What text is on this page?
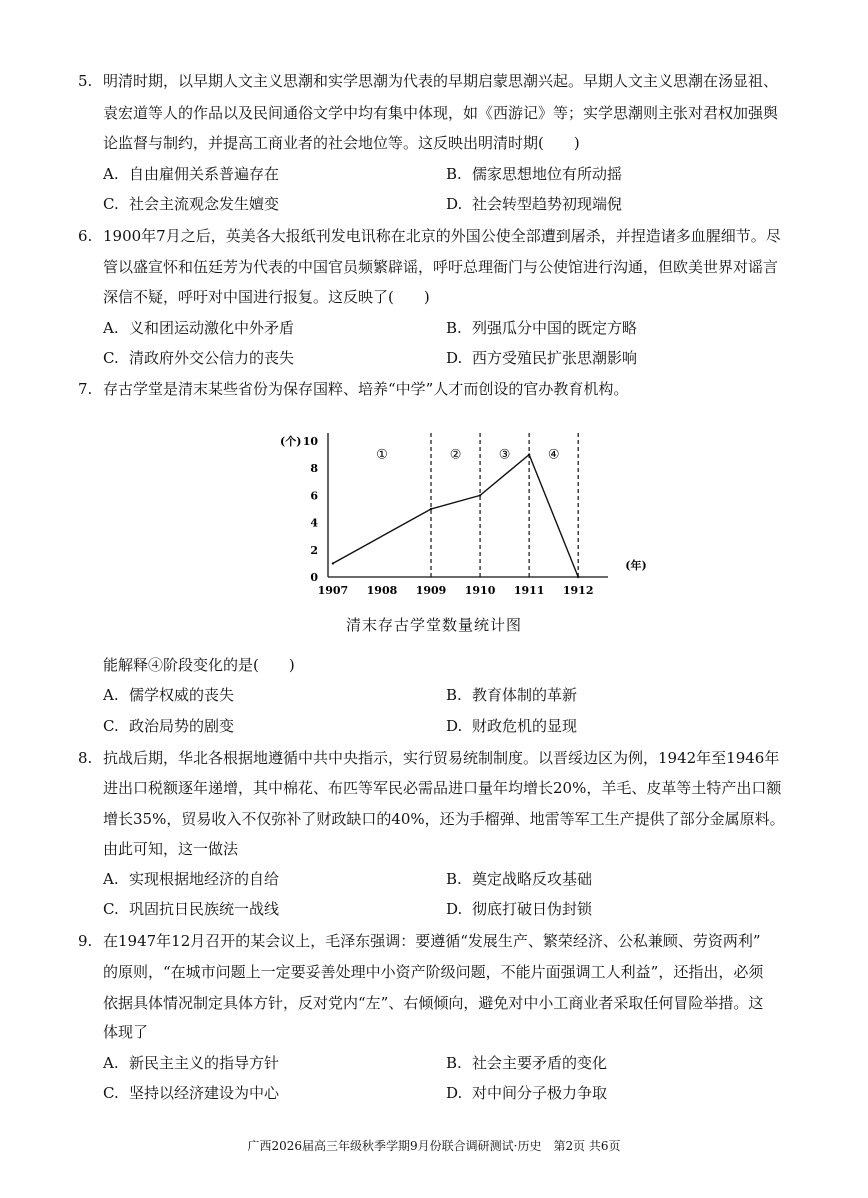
5. 明清时期，以早期人文主义思潮和实学思潮为代表的早期启蒙思潮兴起。早期人文主义思潮在汤显祖、
袁宏道等人的作品以及民间通俗文学中均有集中体现，如《西游记》等；实学思潮则主张对君权加强舆
论监督与制约，并提高工商业者的社会地位等。这反映出明清时期(　　)
A. 自由雇佣关系普遍存在	B. 儒家思想地位有所动摇
C. 社会主流观念发生嬗变	D. 社会转型趋势初现端倪
6. 1900年7月之后，英美各大报纸刊发电讯称在北京的外国公使全部遭到屠杀，并捏造诸多血腥细节。尽
管以盛宣怀和伍廷芳为代表的中国官员频繁辟谣，呼吁总理衙门与公使馆进行沟通，但欧美世界对谣言
深信不疑，呼吁对中国进行报复。这反映了(　　)
A. 义和团运动激化中外矛盾	B. 列强瓜分中国的既定方略
C. 清政府外交公信力的丧失	D. 西方受殖民扩张思潮影响
7. 存古学堂是清末某些省份为保存国粹、培养“中学”人才而创设的官办教育机构。
能解释④阶段变化的是(　　)
A. 儒学权威的丧失	B. 教育体制的革新
C. 政治局势的剧变	D. 财政危机的显现
8. 抗战后期，华北各根据地遵循中共中央指示，实行贸易统制制度。以晋绥边区为例，1942年至1946年
进出口税额逐年递增，其中棉花、布匹等军民必需品进口量年均增长20%，羊毛、皮革等土特产出口额
增长35%，贸易收入不仅弥补了财政缺口的40%，还为手榴弹、地雷等军工生产提供了部分金属原料。
由此可知，这一做法
A. 实现根据地经济的自给	B. 奠定战略反攻基础
C. 巩固抗日民族统一战线	D. 彻底打破日伪封锁
9. 在1947年12月召开的某会议上，毛泽东强调：要遵循“发展生产、繁荣经济、公私兼顾、劳资两利”
的原则，“在城市问题上一定要妥善处理中小资产阶级问题，不能片面强调工人利益”，还指出，必须
依据具体情况制定具体方针，反对党内“左”、右倾倾向，避免对中小工商业者采取任何冒险举措。这
体现了
A. 新民主主义的指导方针	B. 社会主要矛盾的变化
C. 坚持以经济建设为中心	D. 对中间分子极力争取
0
2
4
6
8
10
(个)
1907 1908 1909 1910 1911 1912
(年)
①	②	③	④
清末存古学堂数量统计图
广西2026届高三年级秋季学期9月份联合调研测试·历史　第2页 共6页
